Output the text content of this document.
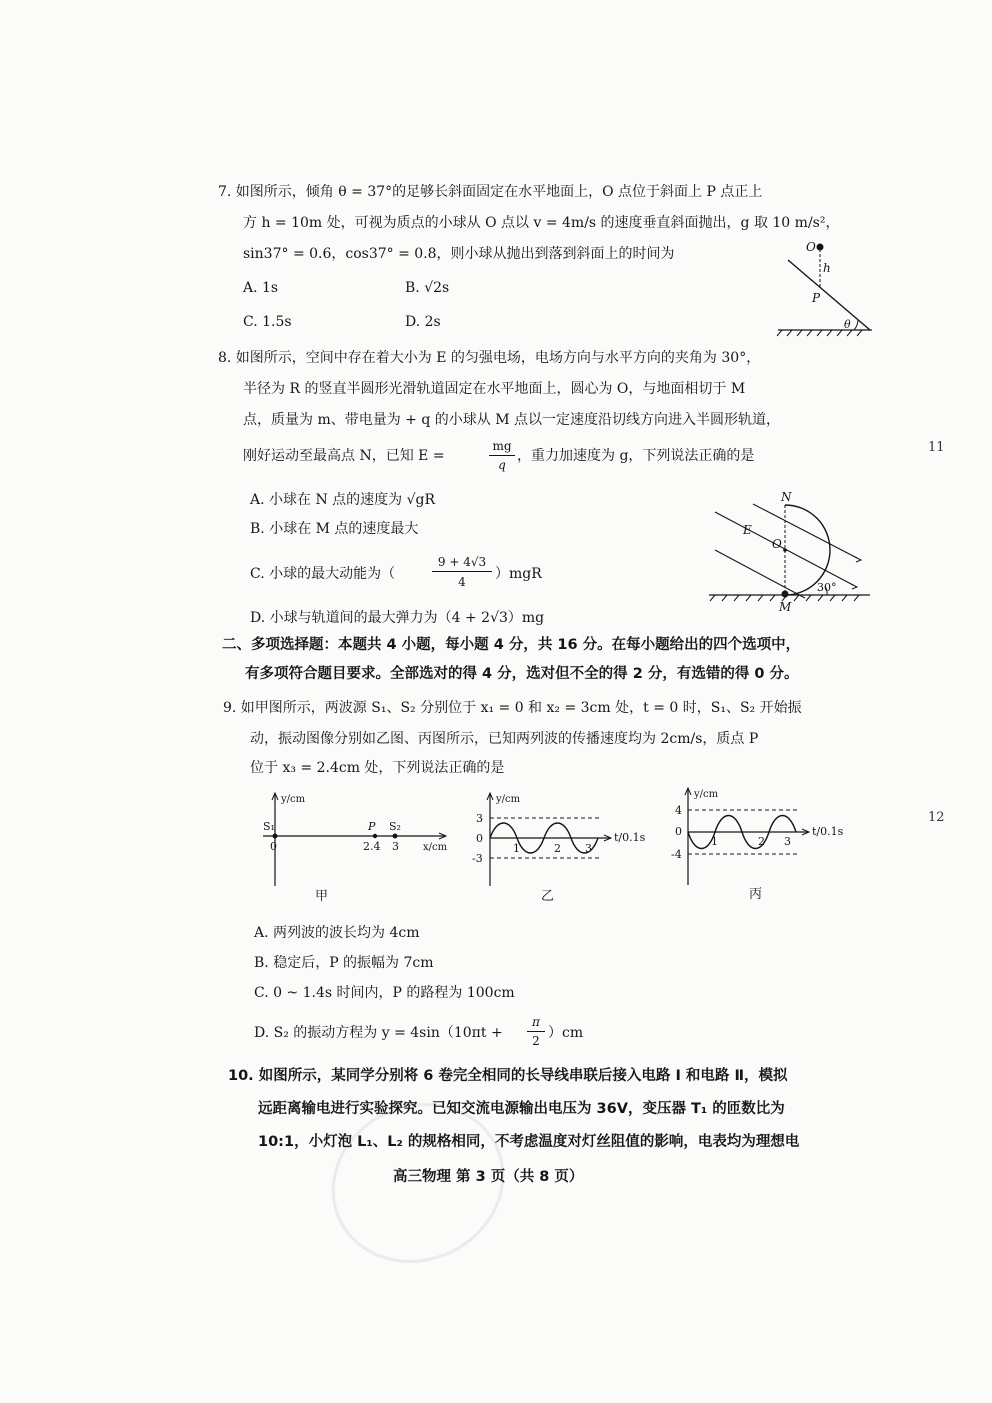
7. 如图所示，倾角 θ = 37°的足够长斜面固定在水平地面上，O 点位于斜面上 P 点正上
方 h = 10m 处，可视为质点的小球从 O 点以 v = 4m/s 的速度垂直斜面抛出，g 取 10 m/s²，
sin37° = 0.6，cos37° = 0.8，则小球从抛出到落到斜面上的时间为
A. 1s	B. √2s
C. 1.5s	D. 2s
O
h
P
θ
8. 如图所示，空间中存在着大小为 E 的匀强电场，电场方向与水平方向的夹角为 30°，
半径为 R 的竖直半圆形光滑轨道固定在水平地面上，圆心为 O，与地面相切于 M
点，质量为 m、带电量为 + q 的小球从 M 点以一定速度沿切线方向进入半圆形轨道，
刚好运动至最高点 N，已知 E =
mg
q
，重力加速度为 g，下列说法正确的是
A. 小球在 N 点的速度为 √gR
B. 小球在 M 点的速度最大
C. 小球的最大动能为（
9 + 4√3
4	）mgR
D. 小球与轨道间的最大弹力为（4 + 2√3）mg
N
E
O
M
30°
二、多项选择题：本题共 4 小题，每小题 4 分，共 16 分。在每小题给出的四个选项中，
有多项符合题目要求。全部选对的得 4 分，选对但不全的得 2 分，有选错的得 0 分。
9. 如甲图所示，两波源 S₁、S₂ 分别位于 x₁ = 0 和 x₂ = 3cm 处，t = 0 时，S₁、S₂ 开始振
动，振动图像分别如乙图、丙图所示，已知两列波的传播速度均为 2cm/s，质点 P
位于 x₃ = 2.4cm 处，下列说法正确的是
y/cm
S₁
0
P S₂
2.4 3 x/cm
甲
y/cm
3
0
-3
1	2 3
t/0.1s
乙
y/cm
4
0
-4
1	2 3
t/0.1s
丙
A. 两列波的波长均为 4cm
B. 稳定后，P 的振幅为 7cm
C. 0 ~ 1.4s 时间内，P 的路程为 100cm
D. S₂ 的振动方程为 y = 4sin（10πt +
π
2 ）cm
10. 如图所示，某同学分别将 6 卷完全相同的长导线串联后接入电路 Ⅰ 和电路 Ⅱ，模拟
远距离输电进行实验探究。已知交流电源输出电压为 36V，变压器 T₁ 的匝数比为
10:1，小灯泡 L₁、L₂ 的规格相同，不考虑温度对灯丝阻值的影响，电表均为理想电
高三物理 第 3 页（共 8 页）
11
12
